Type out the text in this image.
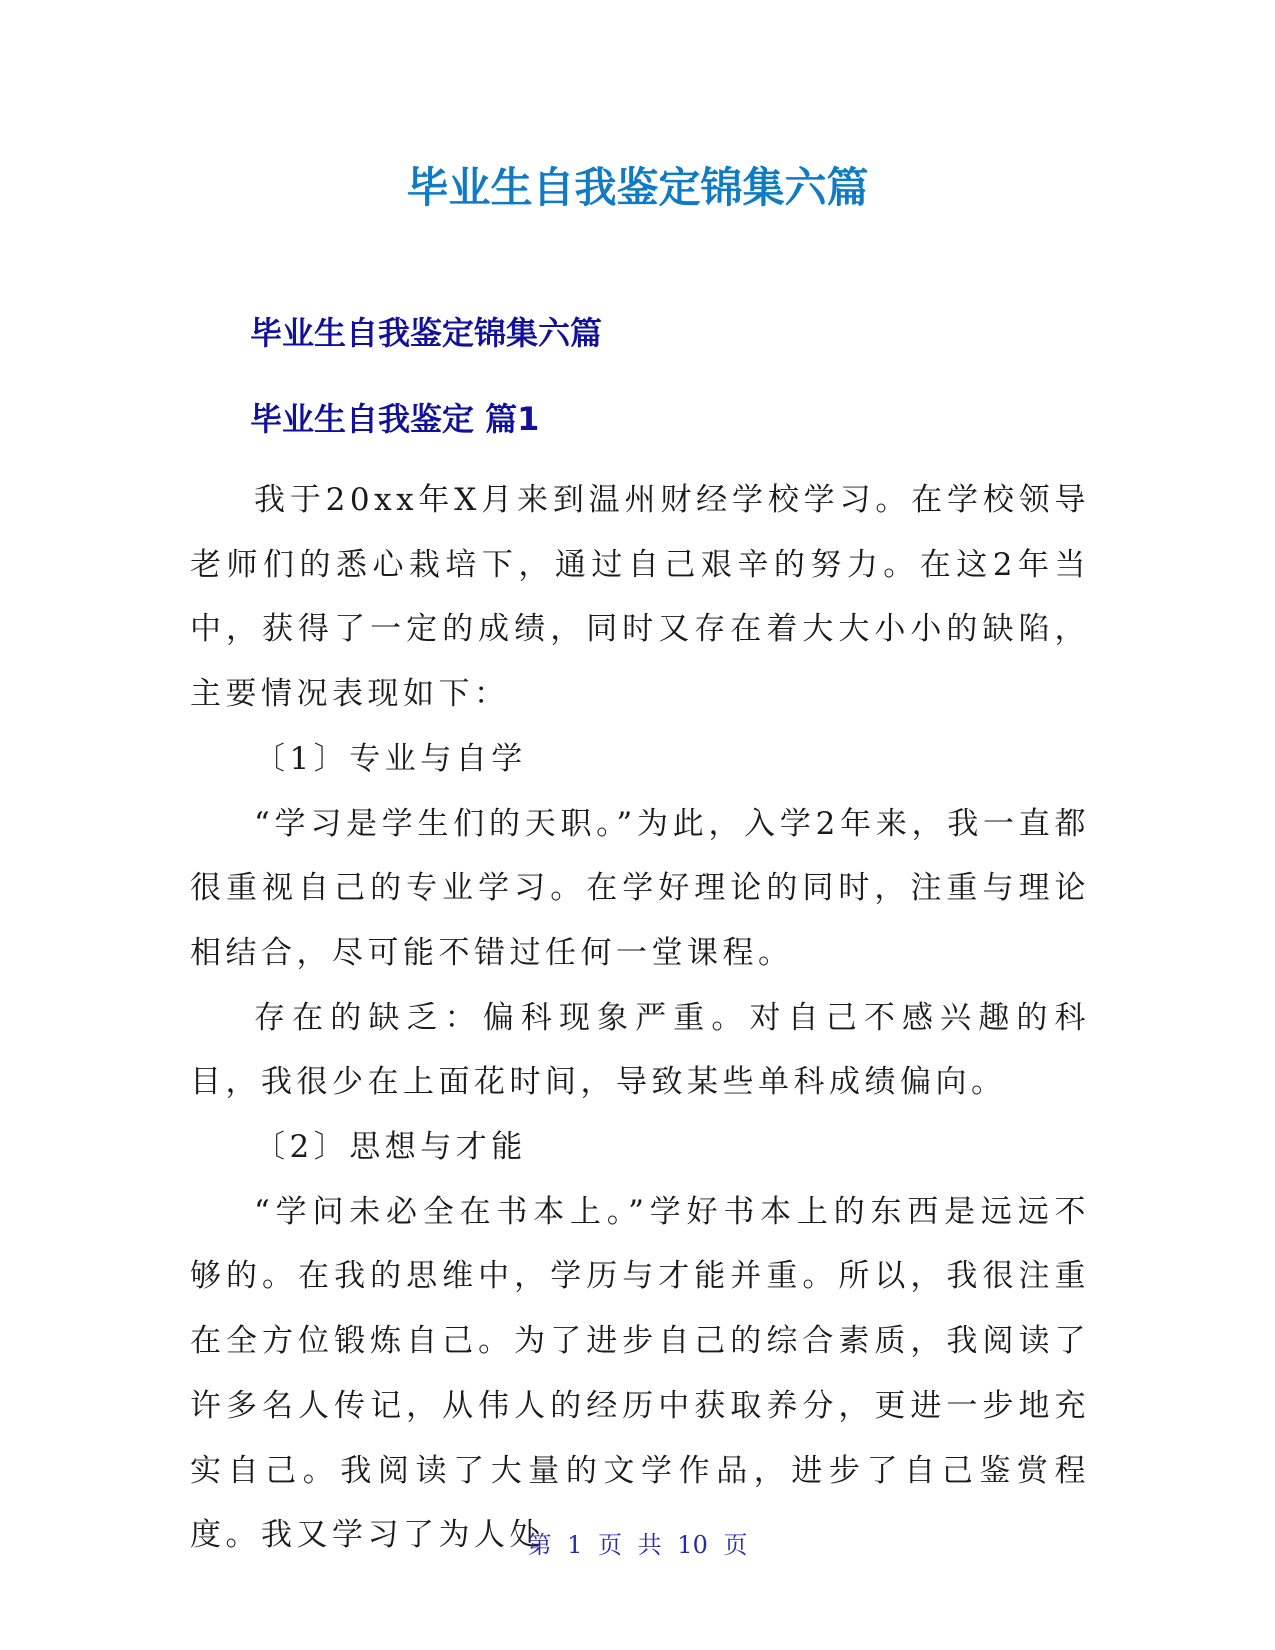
毕业生自我鉴定锦集六篇
毕业生自我鉴定锦集六篇
毕业生自我鉴定 篇1

我于20xx年X月来到温州财经学校学习。在学校领导老师们的悉心栽培下，通过自己艰辛的努力。在这2年当中，获得了一定的成绩，同时又存在着大大小小的缺陷，主要情况表现如下：

〔1〕专业与自学

“学习是学生们的天职。”为此，入学2年来，我一直都很重视自己的专业学习。在学好理论的同时，注重与理论相结合，尽可能不错过任何一堂课程。

存在的缺乏：偏科现象严重。对自己不感兴趣的科目，我很少在上面花时间，导致某些单科成绩偏向。

〔2〕思想与才能

“学问未必全在书本上。”学好书本上的东西是远远不够的。在我的思维中，学历与才能并重。所以，我很注重在全方位锻炼自己。为了进步自己的综合素质，我阅读了许多名人传记，从伟人的经历中获取养分，更进一步地充实自己。我阅读了大量的文学作品，进步了自己鉴赏程度。我又学习了为人处

第 1 页 共 10 页
